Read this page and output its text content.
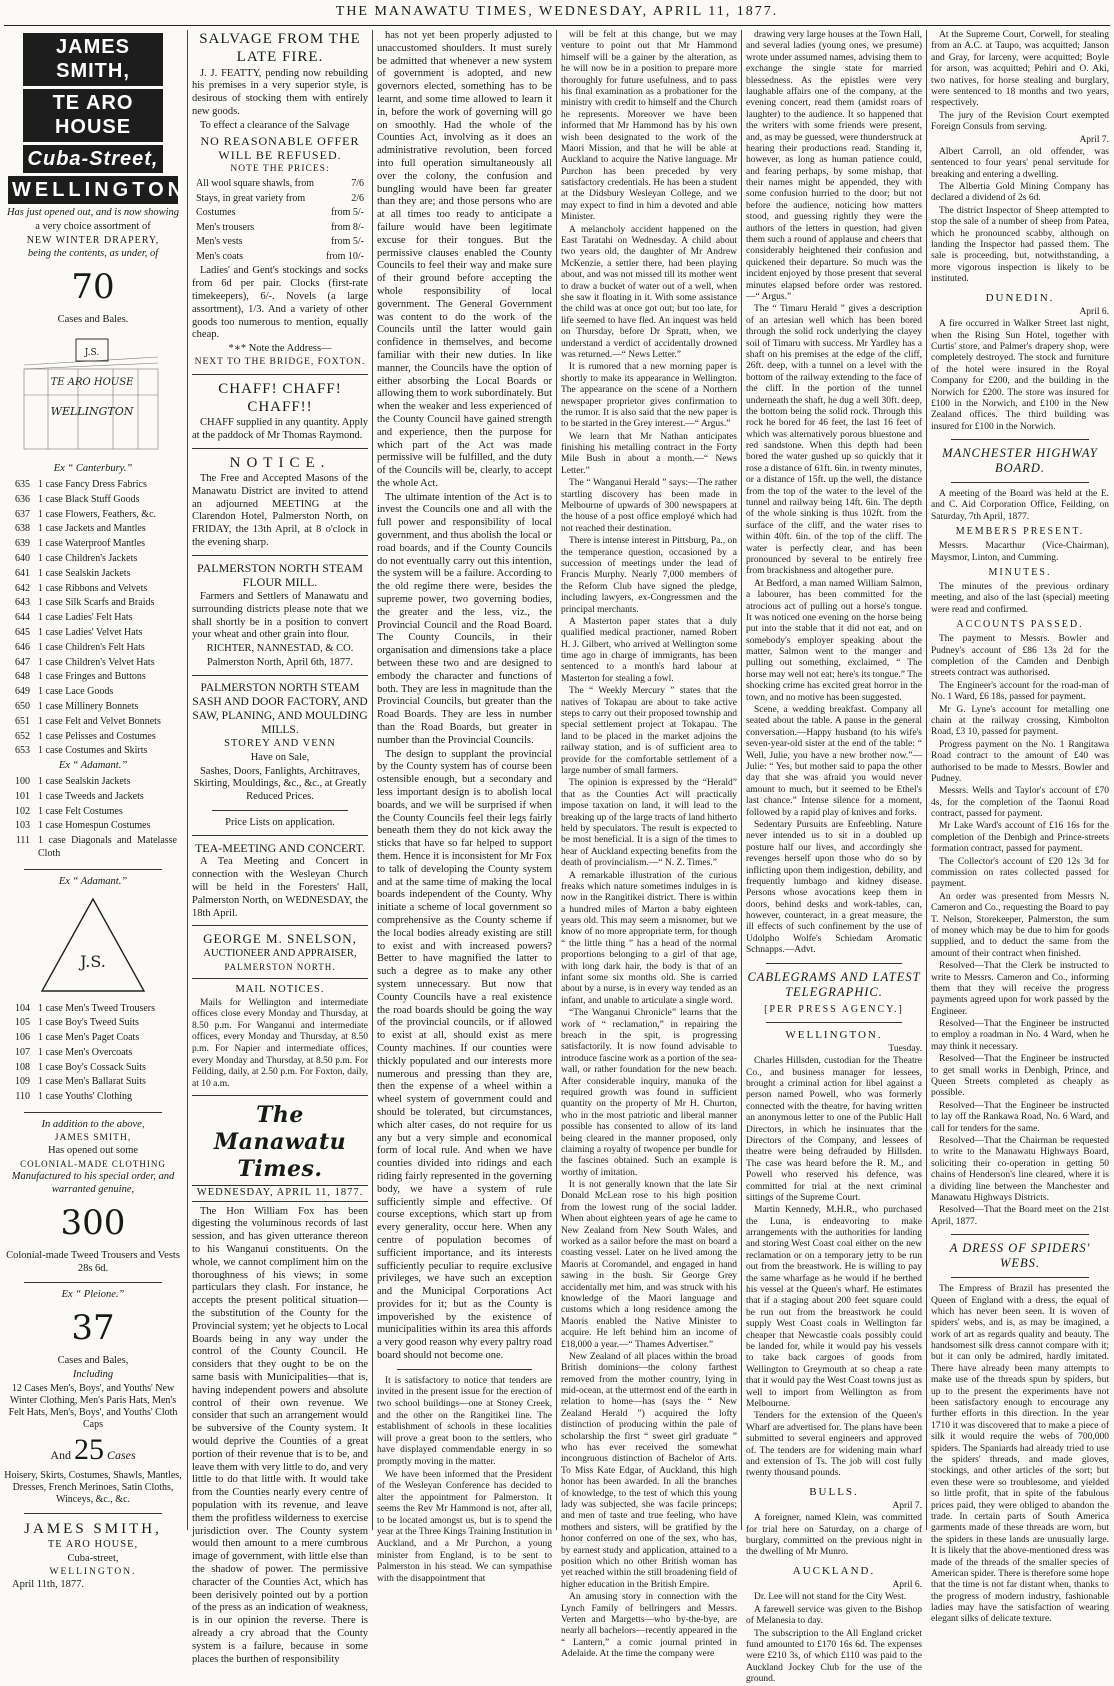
THE MANAWATU TIMES, WEDNESDAY, APRIL 11, 1877.
JAMES SMITH,
TE ARO HOUSE
Cuba-Street,
WELLINGTON

Has just opened out, and is now showing

a very choice assortment of

NEW WINTER DRAPERY,

being the contents, as under, of

70

Cases and Bales.

J.S.
TE ARO HOUSE
WELLINGTON

Ex “ Canterbury.”

635	1 case Fancy Dress Fabrics
636	1 case Black Stuff Goods
637	1 case Flowers, Feathers, &c.
638	1 case Jackets and Mantles
639	1 case Waterproof Mantles
640	1 case Children's Jackets
641	1 case Sealskin Jackets
642	1 case Ribbons and Velvets
643	1 case Silk Scarfs and Braids
644	1 case Ladies' Felt Hats
645	1 case Ladies' Velvet Hats
646	1 case Children's Felt Hats
647	1 case Children's Velvet Hats
648	1 case Fringes and Buttons
649	1 case Lace Goods
650	1 case Millinery Bonnets
651	1 case Felt and Velvet Bonnets
652	1 case Pelisses and Costumes
653	1 case Costumes and Skirts

Ex “ Adamant.”

100	1 case Sealskin Jackets
101	1 case Tweeds and Jackets
102	1 case Felt Costumes
103	1 case Homespun Costumes
111	1 case Diagonals and Matelasse Cloth

Ex “ Adamant.”

J.S.
104	1 case Men's Tweed Trousers
105	1 case Boy's Tweed Suits
106	1 case Men's Paget Coats
107	1 case Men's Overcoats
108	1 case Boy's Cossack Suits
109	1 case Men's Ballarat Suits
110	1 case Youths' Clothing

In addition to the above,

JAMES SMITH,

Has opened out some

COLONIAL-MADE CLOTHING

Manufactured to his special order, and warranted genuine,

300

Colonial-made Tweed Trousers and Vests 28s 6d.

Ex “ Pleione.”

37

Cases and Bales,

Including

12 Cases Men's, Boys', and Youths' New Winter Clothing, Men's Paris Hats, Men's Felt Hats, Men's, Boys', and Youths' Cloth Caps

And 25 Cases

Hoisery, Skirts, Costumes, Shawls, Mantles, Dresses, French Merinoes, Satin Cloths, Winceys, &c., &c.

JAMES SMITH,

TE ARO HOUSE,

Cuba-street,

WELLINGTON.

April 11th, 1877.

SALVAGE FROM THE LATE FIRE.

J. J. FEATTY, pending now rebuilding his premises in a very superior style, is desirous of stocking them with entirely new goods.

To effect a clearance of the Salvage

NO REASONABLE OFFER WILL BE REFUSED.

NOTE THE PRICES:

All wool square shawls, from	7/6
Stays, in great variety from	2/6
Costumes	from 5/-
Men's trousers	from 8/-
Men's vests	from 5/-
Men's coats	from 10/-

Ladies' and Gent's stockings and socks from 6d per pair. Clocks (first-rate timekeepers), 6/-. Novels (a large assortment), 1/3. And a variety of other goods too numerous to mention, equally cheap.

*∗* Note the Address—

NEXT TO THE BRIDGE, FOXTON.

CHAFF! CHAFF! CHAFF!!

CHAFF supplied in any quantity. Apply at the paddock of Mr Thomas Raymond.

NOTICE.

The Free and Accepted Masons of the Manawatu District are invited to attend an adjourned MEETING at the Clarendon Hotel, Palmerston North, on FRIDAY, the 13th April, at 8 o'clock in the evening sharp.

PALMERSTON NORTH STEAM FLOUR MILL.

Farmers and Settlers of Manawatu and surrounding districts please note that we shall shortly be in a position to convert your wheat and other grain into flour.

RICHTER, NANNESTAD, & CO.

Palmerston North, April 6th, 1877.

PALMERSTON NORTH STEAM SASH AND DOOR FACTORY, AND SAW, PLANING, AND MOULDING MILLS.

STOREY AND VENN

Have on Sale,

Sashes, Doors, Fanlights, Architraves, Skirting, Mouldings, &c., &c., at Greatly Reduced Prices.

Price Lists on application.

TEA-MEETING AND CONCERT.

A Tea Meeting and Concert in connection with the Wesleyan Church will be held in the Foresters' Hall, Palmerston North, on WEDNESDAY, the 18th April.

GEORGE M. SNELSON,

AUCTIONEER AND APPRAISER,

PALMERSTON NORTH.

MAIL NOTICES.

Mails for Wellington and intermediate offices close every Monday and Thursday, at 8.50 p.m. For Wanganui and intermediate offices, every Monday and Thursday, at 8.50 p.m. For Napier and intermediate offices, every Monday and Thursday, at 8.50 p.m. For Feilding, daily, at 2.50 p.m. For Foxton, daily, at 10 a.m.

The Manawatu Times.
WEDNESDAY, APRIL 11, 1877.

The Hon William Fox has been digesting the voluminous records of last session, and has given utterance thereon to his Wanganui constituents. On the whole, we cannot compliment him on the thoroughness of his views; in some particulars they clash. For instance, he accepts the present political situation—the substitution of the County for the Provincial system; yet he objects to Local Boards being in any way under the control of the County Council. He considers that they ought to be on the same basis with Municipalities—that is, having independent powers and absolute control of their own revenue. We consider that such an arrangement would be subversive of the County system. It would deprive the Counties of a great portion of their revenue that is to be, and leave them with very little to do, and very little to do that little with. It would take from the Counties nearly every centre of population with its revenue, and leave them the profitless wilderness to exercise jurisdiction over. The County system would then amount to a mere cumbrous image of government, with little else than the shadow of power. The permissive character of the Counties Act, which has been derisively pointed out by a portion of the press as an indication of weakness, is in our opinion the reverse. There is already a cry abroad that the County system is a failure, because in some places the burthen of responsibility

has not yet been properly adjusted to unaccustomed shoulders. It must surely be admitted that whenever a new system of government is adopted, and new governors elected, something has to be learnt, and some time allowed to learn it in, before the work of governing will go on smoothly. Had the whole of the Counties Act, involving as it does an administrative revolution, been forced into full operation simultaneously all over the colony, the confusion and bungling would have been far greater than they are; and those persons who are at all times too ready to anticipate a failure would have been legitimate excuse for their tongues. But the permissive clauses enabled the County Councils to feel their way and make sure of their ground before accepting the whole responsibility of local government. The General Government was content to do the work of the Councils until the latter would gain confidence in themselves, and become familiar with their new duties. In like manner, the Councils have the option of either absorbing the Local Boards or allowing them to work subordinately. But when the weaker and less experienced of the County Council have gained strength and experience, then the purpose for which part of the Act was made permissive will be fulfilled, and the duty of the Councils will be, clearly, to accept the whole Act.

The ultimate intention of the Act is to invest the Councils one and all with the full power and responsibility of local government, and thus abolish the local or road boards, and if the County Councils do not eventually carry out this intention, the system will be a failure. According to the old regime there were, besides the supreme power, two governing bodies, the greater and the less, viz., the Provincial Council and the Road Board. The County Councils, in their organisation and dimensions take a place between these two and are designed to embody the character and functions of both. They are less in magnitude than the Provincial Councils, but greater than the Road Boards. They are less in number than the Road Boards, but greater in number than the Provincial Councils.

The design to supplant the provincial by the County system has of course been ostensible enough, but a secondary and less important design is to abolish local boards, and we will be surprised if when the County Councils feel their legs fairly beneath them they do not kick away the sticks that have so far helped to support them. Hence it is inconsistent for Mr Fox to talk of developing the County system and at the same time of making the local boards independent of the County. Why initiate a scheme of local government so comprehensive as the County scheme if the local bodies already existing are still to exist and with increased powers? Better to have magnified the latter to such a degree as to make any other system unnecessary. But now that County Councils have a real existence the road boards should be going the way of the provincial councils, or if allowed to exist at all, should exist as mere County machines. If our counties were thickly populated and our interests more numerous and pressing than they are, then the expense of a wheel within a wheel system of government could and should be tolerated, but circumstances, which alter cases, do not require for us any but a very simple and economical form of local rule. And when we have counties divided into ridings and each riding fairly represented in the governing body, we have a system of rule sufficiently simple and effective. Of course exceptions, which start up from every generality, occur here. When any centre of population becomes of sufficient importance, and its interests sufficiently peculiar to require exclusive privileges, we have such an exception and the Municipal Corporations Act provides for it; but as the County is impoverished by the existence of municipalities within its area this affords a very good reason why every paltry road board should not become one.

It is satisfactory to notice that tenders are invited in the present issue for the erection of two school buildings—one at Stoney Creek, and the other on the Rangitikei line. The establishment of schools in these localities will prove a great boon to the settlers, who have displayed commendable energy in so promptly moving in the matter.

We have been informed that the President of the Wesleyan Conference has decided to alter the appointment for Palmerston. It seems the Rev Mr Hammond is not, after all, to be located amongst us, but is to spend the year at the Three Kings Training Institution in Auckland, and a Mr Purchon, a young minister from England, is to be sent to Palmerston in his stead. We can sympathise with the disappointment that

will be felt at this change, but we may venture to point out that Mr Hammond himself will be a gainer by the alteration, as he will now be in a position to prepare more thoroughly for future usefulness, and to pass his final examination as a probationer for the ministry with credit to himself and the Church he represents. Moreover we have been informed that Mr Hammond has by his own wish been designated to the work of the Maori Mission, and that he will be able at Auckland to acquire the Native language. Mr Purchon has been preceded by very satisfactory credentials. He has been a student at the Didsbury Wesleyan College, and we may expect to find in him a devoted and able Minister.

A melancholy accident happened on the East Taratahi on Wednesday. A child about two years old, the daughter of Mr Andrew McKenzie, a settler there, had been playing about, and was not missed till its mother went to draw a bucket of water out of a well, when she saw it floating in it. With some assistance the child was at once got out; but too late, for life seemed to have fled. An inquest was held on Thursday, before Dr Spratt, when, we understand a verdict of accidentally drowned was returned.—“ News Letter.”

It is rumored that a new morning paper is shortly to make its appearance in Wellington. The appearance on the scene of a Northern newspaper proprietor gives confirmation to the rumor. It is also said that the new paper is to be started in the Grey interest.—“ Argus.”

We learn that Mr Nathan anticipates finishing his metalling contract in the Forty Mile Bush in about a month.—“ News Letter.”

The “ Wanganui Herald ” says:—The rather startling discovery has been made in Melbourne of upwards of 300 newspapers at the house of a post office employé which had not reached their destination.

There is intense interest in Pittsburg, Pa., on the temperance question, occasioned by a succession of meetings under the lead of Francis Murphy. Nearly 7,000 members of the Reform Club have signed the pledge, including lawyers, ex-Congressmen and the principal merchants.

A Masterton paper states that a duly qualified medical practioner, named Robert H. J. Gilbert, who arrived at Wellington some time ago in charge of immigrants, has been sentenced to a month's hard labour at Masterton for stealing a fowl.

The “ Weekly Mercury ” states that the natives of Tokapau are about to take active steps to carry out their proposed township and special settlement project at Tokapau. The land to be placed in the market adjoins the railway station, and is of sufficient area to provide for the comfortable settlement of a large number of small farmers.

The opinion is expressed by the “Herald” that as the Counties Act will practically impose taxation on land, it will lead to the breaking up of the large tracts of land hitherto held by speculators. The result is expected to be most beneficial. It is a sign of the times to hear of Auckland expecting benefits from the death of provincialism.—“ N. Z. Times.”

A remarkable illustration of the curious freaks which nature sometimes indulges in is now in the Rangitikei district. There is within a hundred miles of Marton a baby eighteen years old. This may seem a misnomer, but we know of no more appropriate term, for though “ the little thing ” has a head of the normal proportions belonging to a girl of that age, with long dark hair, the body is that of an infant some six months old. She is carried about by a nurse, is in every way tended as an infant, and unable to articulate a single word.

“The Wanganui Chronicle” learns that the work of “ reclamation,” in repairing the breach in the spit, is progressing satisfactorily. It is now found advisable to introduce fascine work as a portion of the sea-wall, or rather foundation for the new beach. After considerable inquiry, manuka of the required growth was found in sufficient quantity on the property of Mr H. Churton, who in the most patriotic and liberal manner possible has consented to allow of its land being cleared in the manner proposed, only claiming a royalty of twopence per bundle for the fascines obtained. Such an example is worthy of imitation.

It is not generally known that the late Sir Donald McLean rose to his high position from the lowest rung of the social ladder. When about eighteen years of age he came to New Zealand from New South Wales, and worked as a sailor before the mast on board a coasting vessel. Later on he lived among the Maoris at Coromandel, and engaged in hand sawing in the bush. Sir George Grey accidentally met him, and was struck with his knowledge of the Maori language and customs which a long residence among the Maoris enabled the Native Minister to acquire. He left behind him an income of £18,000 a year.—“ Thames Advertiser.”

New Zealand of all places within the broad British dominions—the colony farthest removed from the mother country, lying in mid-ocean, at the uttermost end of the earth in relation to home—has (says the “ New Zealand Herald ”) acquired the lofty distinction of producing within the pale of scholarship the first “ sweet girl graduate ” who has ever received the somewhat incongruous distinction of Bachelor of Arts. To Miss Kate Edgar, of Auckland, this high honor has been awarded. In all the branches of knowledge, to the test of which this young lady was subjected, she was facile princeps; and men of taste and true feeling, who have mothers and sisters, will be gratified by the honor conferred on one of the sex, who has, by earnest study and application, attained to a position which no other British woman has yet reached within the still broadening field of higher education in the British Empire.

An amusing story in connection with the Lynch Family of bellringers and Messrs. Verten and Margetts—who by-the-bye, are nearly all bachelors—recently appeared in the “ Lantern,” a comic journal printed in Adelaide. At the time the company were

drawing very large houses at the Town Hall, and several ladies (young ones, we presume) wrote under assumed names, advising them to exchange the single state for married blessedness. As the epistles were very laughable affairs one of the company, at the evening concert, read them (amidst roars of laughter) to the audience. It so happened that the writers with some friends were present, and, as may be guessed, were thunderstruck at hearing their productions read. Standing it, however, as long as human patience could, and fearing perhaps, by some mishap, that their names might be appended, they with some confusion hurried to the door; but not before the audience, noticing how matters stood, and guessing rightly they were the authors of the letters in question, had given them such a round of applause and cheers that considerably heightened their confusion and quickened their departure. So much was the incident enjoyed by those present that several minutes elapsed before order was restored.—“ Argus.”

The “ Timaru Herald ” gives a description of an artesian well which has been bored through the solid rock underlying the clayey soil of Timaru with success. Mr Yardley has a shaft on his premises at the edge of the cliff, 26ft. deep, with a tunnel on a level with the bottom of the railway extending to the face of the cliff. In the portion of the tunnel underneath the shaft, he dug a well 30ft. deep, the bottom being the solid rock. Through this rock he bored for 46 feet, the last 16 feet of which was alternatively porous bluestone and red sandstone. When this depth had been bored the water gushed up so quickly that it rose a distance of 61ft. 6in. in twenty minutes, or a distance of 15ft. up the well, the distance from the top of the water to the level of the tunnel and railway being 14ft. 6in. The depth of the whole sinking is thus 102ft. from the surface of the cliff, and the water rises to within 40ft. 6in. of the top of the cliff. The water is perfectly clear, and has been pronounced by several to be entirely free from brackishness and altogether pure.

At Bedford, a man named William Salmon, a labourer, has been committed for the atrocious act of pulling out a horse's tongue. It was noticed one evening on the horse being put into the stable that it did not eat, and on somebody's employer speaking about the matter, Salmon went to the manger and pulling out something, exclaimed, “ The horse may well not eat; here's its tongue.” The shocking crime has excited great horror in the town, and no motive has been suggested.

Scene, a wedding breakfast. Company all seated about the table. A pause in the general conversation.—Happy husband (to his wife's seven-year-old sister at the end of the table: “ Well, Julie, you have a new brother now.”—Julie: “ Yes, but mother said to papa the other day that she was afraid you would never amount to much, but it seemed to be Ethel's last chance.” Intense silence for a moment, followed by a rapid play of knives and forks.

Sedentary Pursuits are Enfeebling. Nature never intended us to sit in a doubled up posture half our lives, and accordingly she revenges herself upon those who do so by inflicting upon them indigestion, debility, and frequently lumbago and kidney disease. Persons whose avocations keep them in doors, behind desks and work-tables, can, however, counteract, in a great measure, the ill effects of such confinement by the use of Udolpho Wolfe's Schiedam Aromatic Schnapps.—Advt.

CABLEGRAMS AND LATEST TELEGRAPHIC.
[PER PRESS AGENCY.]
WELLINGTON.

Tuesday.

Charles Hillsden, custodian for the Theatre Co., and business manager for lessees, brought a criminal action for libel against a person named Powell, who was formerly connected with the theatre, for having written an anonymous letter to one of the Public Hall Directors, in which he insinuates that the Directors of the Company, and lessees of theatre were being defrauded by Hillsden. The case was heard before the R. M., and Powell who reserved his defence, was committed for trial at the next criminal sittings of the Supreme Court.

Martin Kennedy, M.H.R., who purchased the Luna, is endeavoring to make arrangements with the authorities for landing and storing West Coast coal either on the new reclamation or on a temporary jetty to be run out from the breastwork. He is willing to pay the same wharfage as he would if he berthed his vessel at the Queen's wharf. He estimates that if a staging about 200 feet square could be run out from the breastwork he could supply West Coast coals in Wellington far cheaper that Newcastle coals possibly could be landed for, while it would pay his vessels to take back cargoes of goods from Wellington to Greymouth at so cheap a rate that it would pay the West Coast towns just as well to import from Wellington as from Melbourne.

Tenders for the extension of the Queen's Wharf are advertised for. The plans have been submitted to several engineers and approved of. The tenders are for widening main wharf and extension of Ts. The job will cost fully twenty thousand pounds.

BULLS.

April 7.

A foreigner, named Klein, was committed for trial here on Saturday, on a charge of burglary, committed on the previous night in the dwelling of Mr Munro.

AUCKLAND.

April 6.

Dr. Lee will not stand for the City West.

A farewell service was given to the Bishop of Melanesia to day.

The subscription to the All England cricket fund amounted to £170 16s 6d. The expenses were £210 3s, of which £110 was paid to the Auckland Jockey Club for the use of the ground.

At the Supreme Court, Corwell, for stealing from an A.C. at Taupo, was acquitted; Janson and Gray, for larceny, were acquitted; Boyle for arson, was acquitted; Pehiri and O. Aki, two natives, for horse stealing and burglary, were sentenced to 18 months and two years, respectively.

The jury of the Revision Court exempted Foreign Consuls from serving.

April 7.

Albert Carroll, an old offender, was sentenced to four years' penal servitude for breaking and entering a dwelling.

The Albertia Gold Mining Company has declared a dividend of 2s 6d.

The district Inspector of Sheep attempted to stop the sale of a number of sheep from Patea, which he pronounced scabby, although on landing the Inspector had passed them. The sale is proceeding, but, notwithstanding, a more vigorous inspection is likely to be instituted.

DUNEDIN.

April 6.

A fire occurred in Walker Street last night, when the Rising Sun Hotel, together with Curtis' store, and Palmer's drapery shop, were completely destroyed. The stock and furniture of the hotel were insured in the Royal Company for £200, and the building in the Norwich for £200. The store was insured for £100 in the Norwich, and £100 in the New Zealand offices. The third building was insured for £100 in the Norwich.

MANCHESTER HIGHWAY BOARD.

A meeting of the Board was held at the E. and C. Aid Corporation Office, Feilding, on Saturday, 7th April, 1877.

MEMBERS PRESENT.

Messrs. Macarthur (Vice-Chairman), Maysmor, Linton, and Cumming.

MINUTES.

The minutes of the previous ordinary meeting, and also of the last (special) meeting were read and confirmed.

ACCOUNTS PASSED.

The payment to Messrs. Bowler and Pudney's account of £86 13s 2d for the completion of the Camden and Denbigh streets contract was authorised.

The Engineer's account for the road-man of No. 1 Ward, £6 18s, passed for payment.

Mr G. Lyne's account for metalling one chain at the railway crossing, Kimbolton Road, £3 10, passed for payment.

Progress payment on the No. 1 Rangitawa Road contract to the amount of £40 was authorised to be made to Messrs. Bowler and Pudney.

Messrs. Wells and Taylor's account of £70 4s, for the completion of the Taonui Road contract, passed for payment.

Mr Lake Ward's account of £16 16s for the completion of the Denbigh and Prince-streets formation contract, passed for payment.

The Collector's account of £20 12s 3d for commission on rates collected passed for payment.

An order was presented from Messrs N. Cameron and Co., requesting the Board to pay T. Nelson, Storekeeper, Palmerston, the sum of money which may be due to him for goods supplied, and to deduct the same from the amount of their contract when finished.

Resolved—That the Clerk be instructed to write to Messrs. Cameron and Co., informing them that they will receive the progress payments agreed upon for work passed by the Engineer.

Resolved—That the Engineer be instructed to employ a roadman in No. 4 Ward, when he may think it necessary.

Resolved—That the Engineer be instructed to get small works in Denbigh, Prince, and Queen Streets completed as cheaply as possible.

Resolved—That the Engineer be instructed to lay off the Rankawa Road, No. 6 Ward, and call for tenders for the same.

Resolved—That the Chairman be requested to write to the Manawatu Highways Board, soliciting their co-operation in getting 50 chains of Henderson's line cleared, where it is a dividing line between the Manchester and Manawatu Highways Districts.

Resolved—That the Board meet on the 21st April, 1877.

A DRESS OF SPIDERS' WEBS.

The Empress of Brazil has presented the Queen of England with a dress, the equal of which has never been seen. It is woven of spiders' webs, and is, as may be imagined, a work of art as regards quality and beauty. The handsomest silk dress cannot compare with it; but it can only be admired, hardly imitated. There have already been many attempts to make use of the threads spun by spiders, but up to the present the experiments have not been satisfactory enough to encourage any further efforts in this direction. In the year 1710 it was discovered that to make a piece of silk it would require the webs of 700,000 spiders. The Spaniards had already tried to use the spiders' threads, and made gloves, stockings, and other articles of the sort; but even these were so troublesome, and yielded so little profit, that in spite of the fabulous prices paid, they were obliged to abandon the trade. In certain parts of South America garments made of these threads are worn, but the spiders in these lands are unusually large. It is likely that the above-mentioned dress was made of the threads of the smaller species of American spider. There is therefore some hope that the time is not far distant when, thanks to the progress of modern industry, fashionable ladies may have the satisfaction of wearing elegant silks of delicate texture.
